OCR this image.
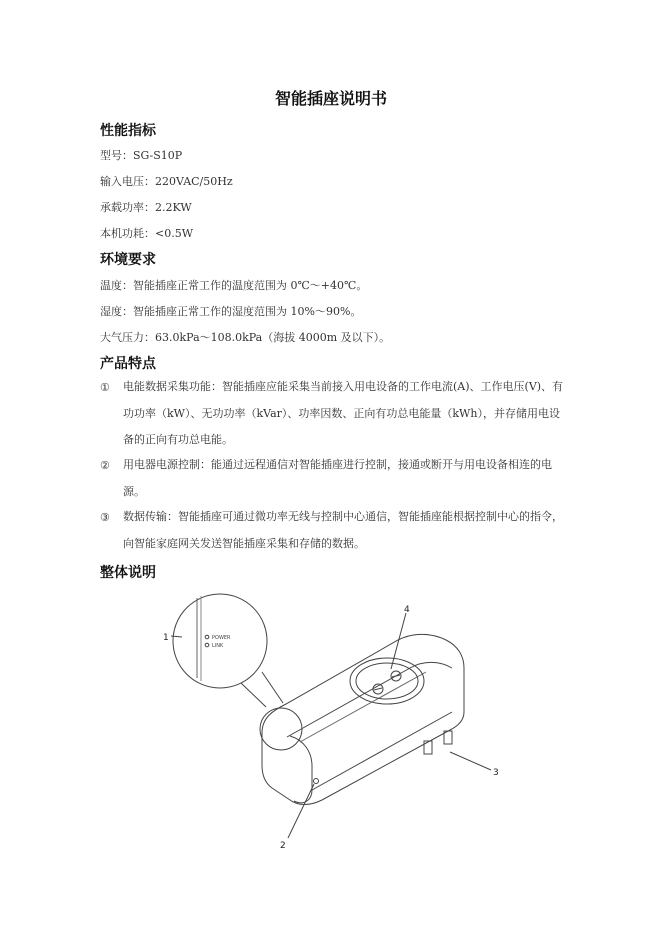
智能插座说明书
性能指标
型号：SG-S10P
输入电压：220VAC/50Hz
承载功率：2.2KW
本机功耗：<0.5W
环境要求
温度：智能插座正常工作的温度范围为 0℃～+40℃。
湿度：智能插座正常工作的湿度范围为 10%～90%。
大气压力：63.0kPa～108.0kPa（海拔 4000m 及以下）。
产品特点
① 电能数据采集功能：智能插座应能采集当前接入用电设备的工作电流(A)、工作电压(V)、有功功率（kW）、无功功率（kVar）、功率因数、正向有功总电能量（kWh），并存储用电设备的正向有功总电能。
② 用电器电源控制：能通过远程通信对智能插座进行控制，接通或断开与用电设备相连的电源。
③ 数据传输：智能插座可通过微功率无线与控制中心通信，智能插座能根据控制中心的指令，向智能家庭网关发送智能插座采集和存储的数据。
整体说明
POWER
LINK
1
2
3
4
